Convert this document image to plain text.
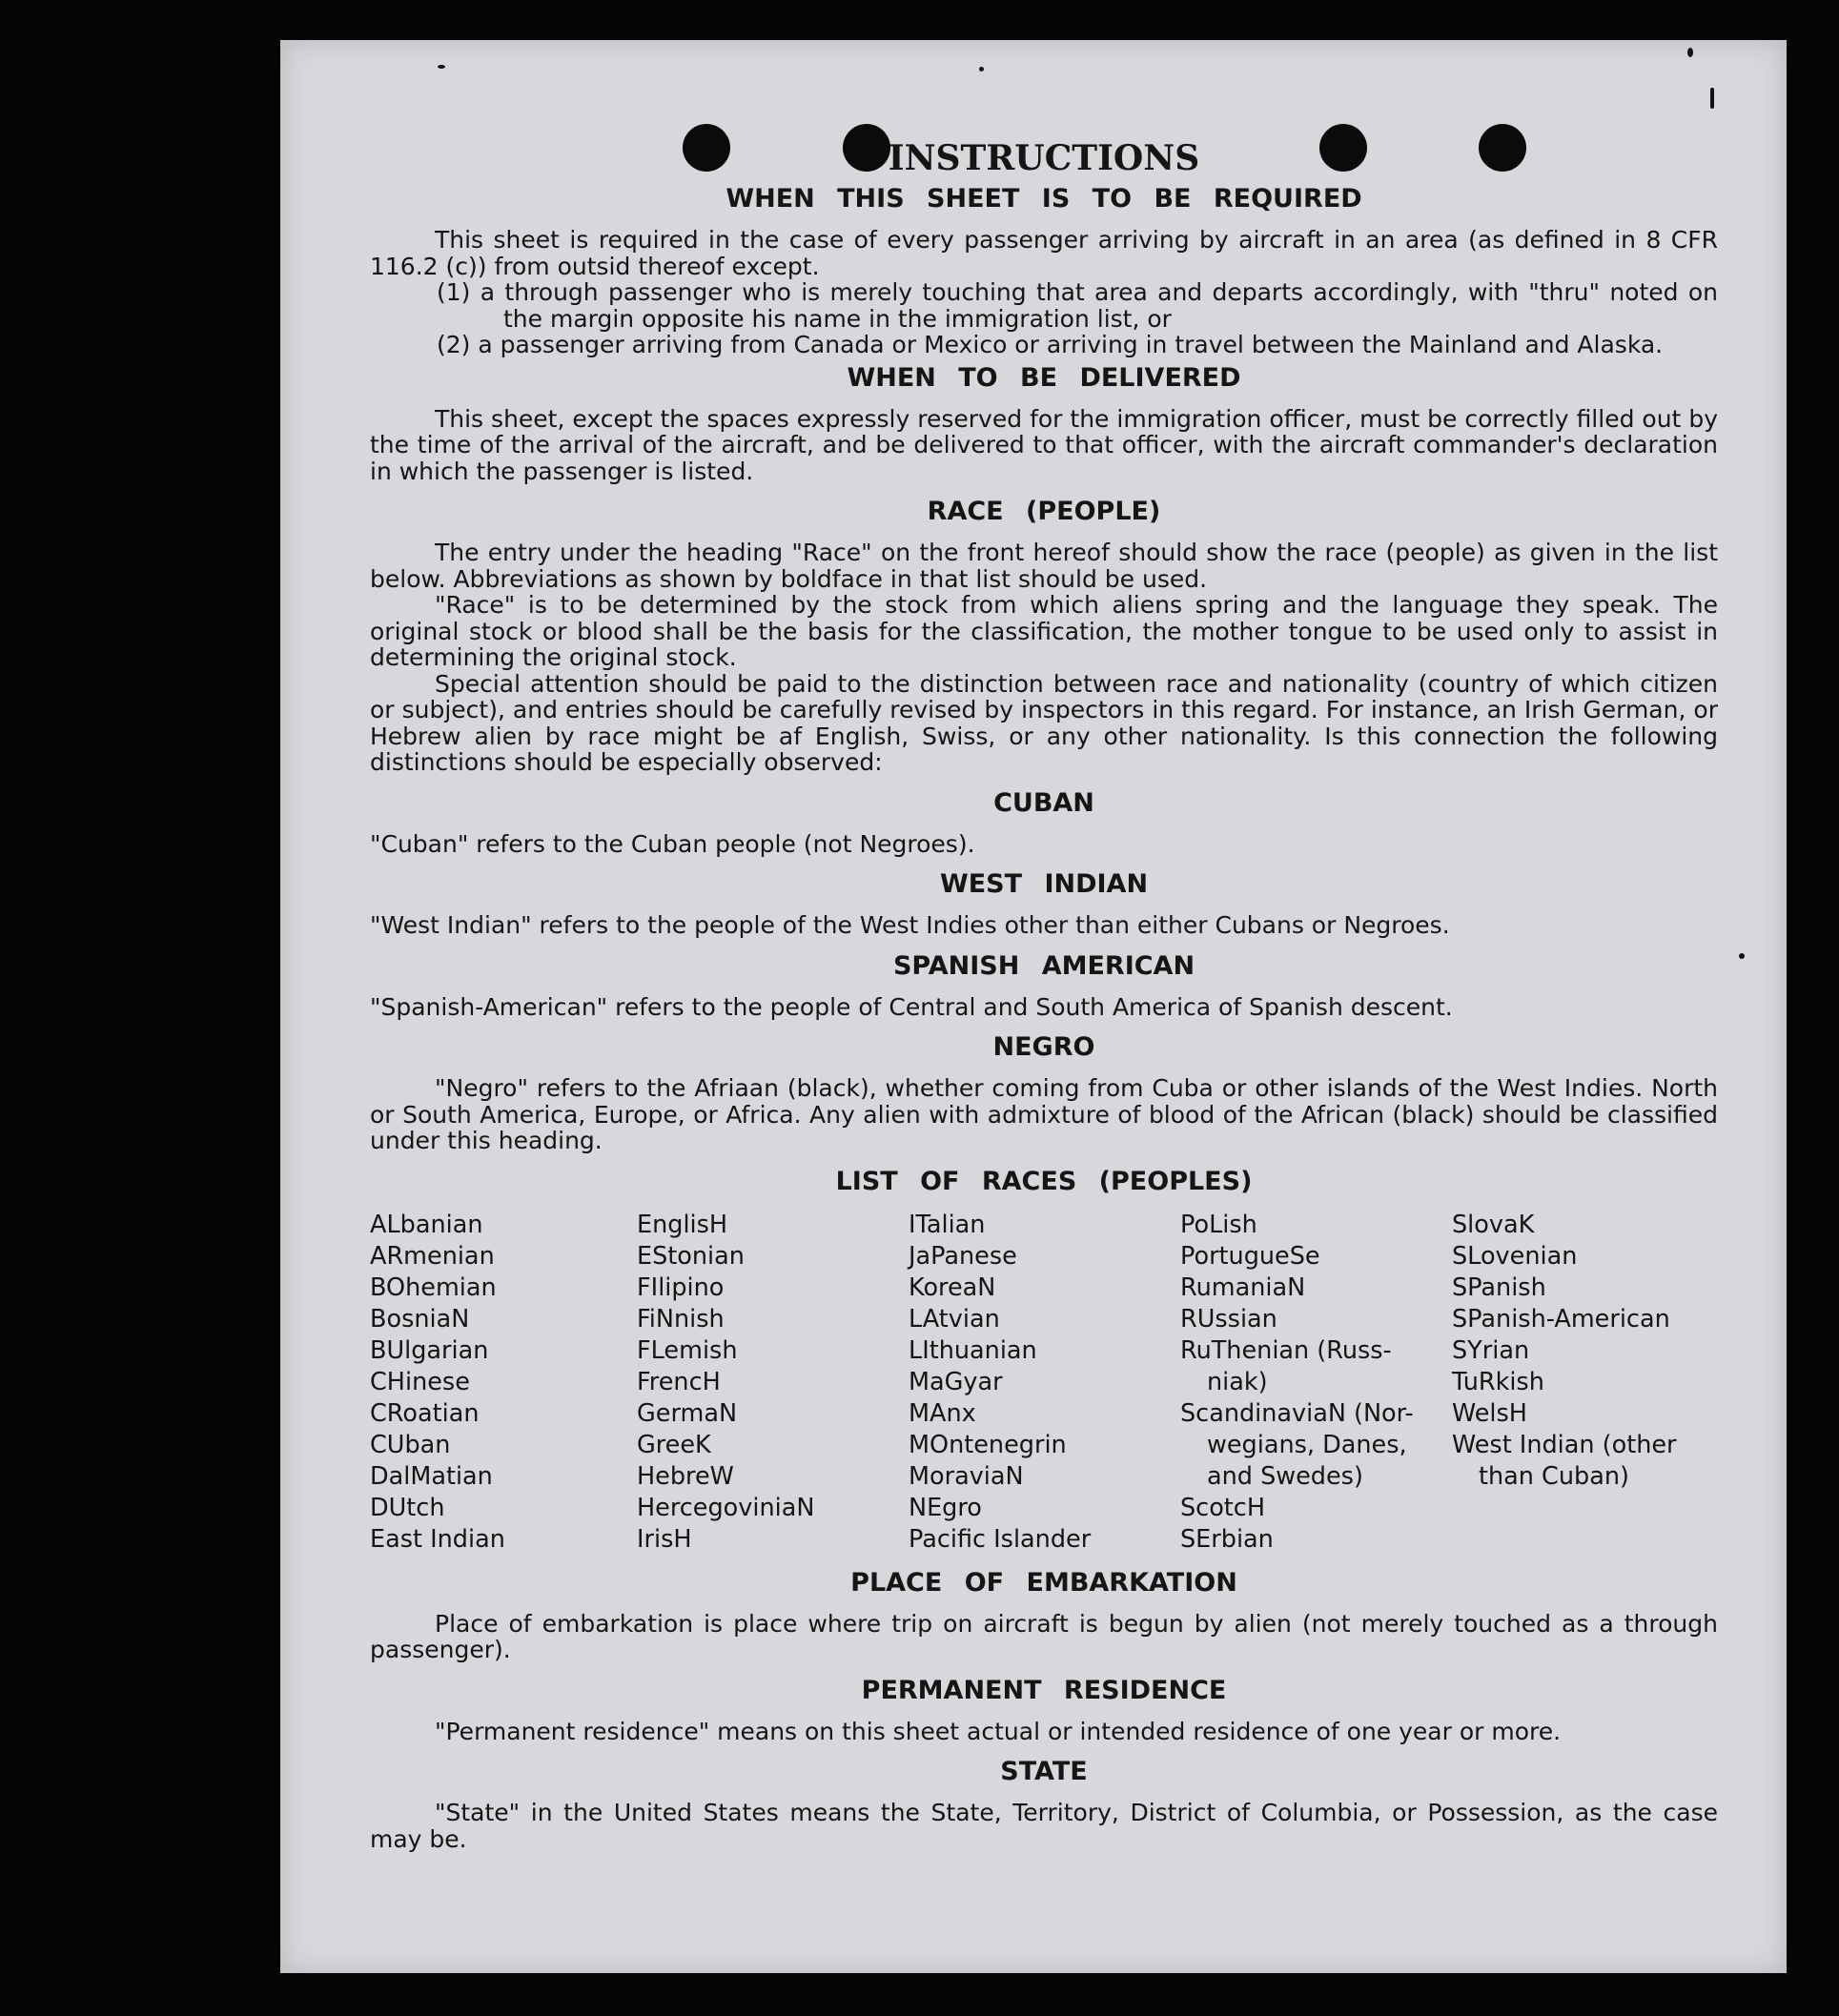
INSTRUCTIONS
WHEN THIS SHEET IS TO BE REQUIRED

This sheet is required in the case of every passenger arriving by aircraft in an area (as defined in 8 CFR 116.2 (c)) from outsid thereof except.

(1) a through passenger who is merely touching that area and departs accordingly, with "thru" noted on the margin opposite his name in the immigration list, or

(2) a passenger arriving from Canada or Mexico or arriving in travel between the Mainland and Alaska.

WHEN TO BE DELIVERED

This sheet, except the spaces expressly reserved for the immigration officer, must be correctly filled out by the time of the arrival of the aircraft, and be delivered to that officer, with the aircraft commander's declaration in which the passenger is listed.

RACE (PEOPLE)

The entry under the heading "Race" on the front hereof should show the race (people) as given in the list below. Abbreviations as shown by boldface in that list should be used.

"Race" is to be determined by the stock from which aliens spring and the language they speak. The original stock or blood shall be the basis for the classification, the mother tongue to be used only to assist in determining the original stock.

Special attention should be paid to the distinction between race and nationality (country of which citizen or subject), and entries should be carefully revised by inspectors in this regard. For instance, an Irish German, or Hebrew alien by race might be af English, Swiss, or any other nationality. Is this connection the following distinctions should be especially observed:

CUBAN

"Cuban" refers to the Cuban people (not Negroes).

WEST INDIAN

"West Indian" refers to the people of the West Indies other than either Cubans or Negroes.

SPANISH AMERICAN

"Spanish-American" refers to the people of Central and South America of Spanish descent.

NEGRO

"Negro" refers to the Afriaan (black), whether coming from Cuba or other islands of the West Indies. North or South America, Europe, or Africa. Any alien with admixture of blood of the African (black) should be classified under this heading.

LIST OF RACES (PEOPLES)
ALbanian
ARmenian
BOhemian
BosniaN
BUlgarian
CHinese
CRoatian
CUban
DalMatian
DUtch
East Indian
EnglisH
EStonian
FIlipino
FiNnish
FLemish
FrencH
GermaN
GreeK
HebreW
HercegoviniaN
IrisH
ITalian
JaPanese
KoreaN
LAtvian
LIthuanian
MaGyar
MAnx
MOntenegrin
MoraviaN
NEgro
Pacific Islander
PoLish
PortugueSe
RumaniaN
RUssian
RuThenian (Russ-
niak)
ScandinaviaN (Nor-
wegians, Danes,
and Swedes)
ScotcH
SErbian
SlovaK
SLovenian
SPanish
SPanish-American
SYrian
TuRkish
WelsH
West Indian (other
than Cuban)
PLACE OF EMBARKATION

Place of embarkation is place where trip on aircraft is begun by alien (not merely touched as a through passenger).

PERMANENT RESIDENCE

"Permanent residence" means on this sheet actual or intended residence of one year or more.

STATE

"State" in the United States means the State, Territory, District of Columbia, or Possession, as the case may be.
